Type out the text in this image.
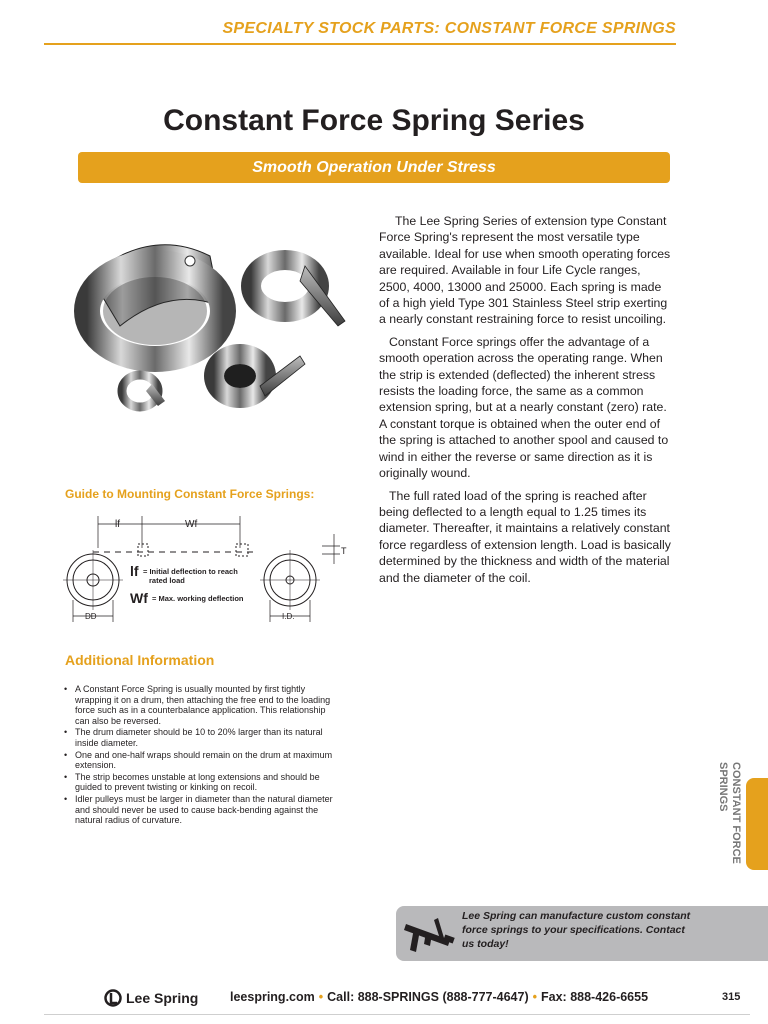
SPECIALTY STOCK PARTS: CONSTANT FORCE SPRINGS
Constant Force Spring Series
Smooth Operation Under Stress

The Lee Spring Series of extension type Constant Force Spring's represent the most versatile type available. Ideal for use when smooth operating forces are required. Available in four Life Cycle ranges, 2500, 4000, 13000 and 25000. Each spring is made of a high yield Type 301 Stainless Steel strip exerting a nearly constant restraining force to resist uncoiling.

Constant Force springs offer the advantage of a smooth operation across the operating range. When the strip is extended (deflected) the inherent stress resists the loading force, the same as a common extension spring, but at a nearly constant (zero) rate. A constant torque is obtained when the outer end of the spring is attached to another spool and caused to wind in either the reverse or same direction as it is originally wound.

The full rated load of the spring is reached after being deflected to a length equal to 1.25 times its diameter. Thereafter, it maintains a relatively constant force regardless of extension length. Load is basically determined by the thickness and width of the material and the diameter of the coil.

Guide to Mounting Constant Force Springs:
lf	Wf
T
DD	I.D.
lf = Initial deflection to reach
rated load
Wf = Max. working deflection
Additional Information
• A Constant Force Spring is usually mounted by first tightly wrapping it on a drum, then attaching the free end to the loading force such as in a counterbalance application. This relationship can also be reversed.
• The drum diameter should be 10 to 20% larger than its natural inside diameter.
• One and one-half wraps should remain on the drum at maximum extension.
• The strip becomes unstable at long extensions and should be guided to prevent twisting or kinking on recoil.
• Idler pulleys must be larger in diameter than the natural diameter and should never be used to cause back-bending against the natural radius of curvature.	CONSTANT FORCE
SPRINGS
Lee Spring can manufacture custom constant force springs to your specifications. Contact us today!
Lee Spring	leespring.com • Call: 888-SPRINGS (888-777-4647) • Fax: 888-426-6655	315
